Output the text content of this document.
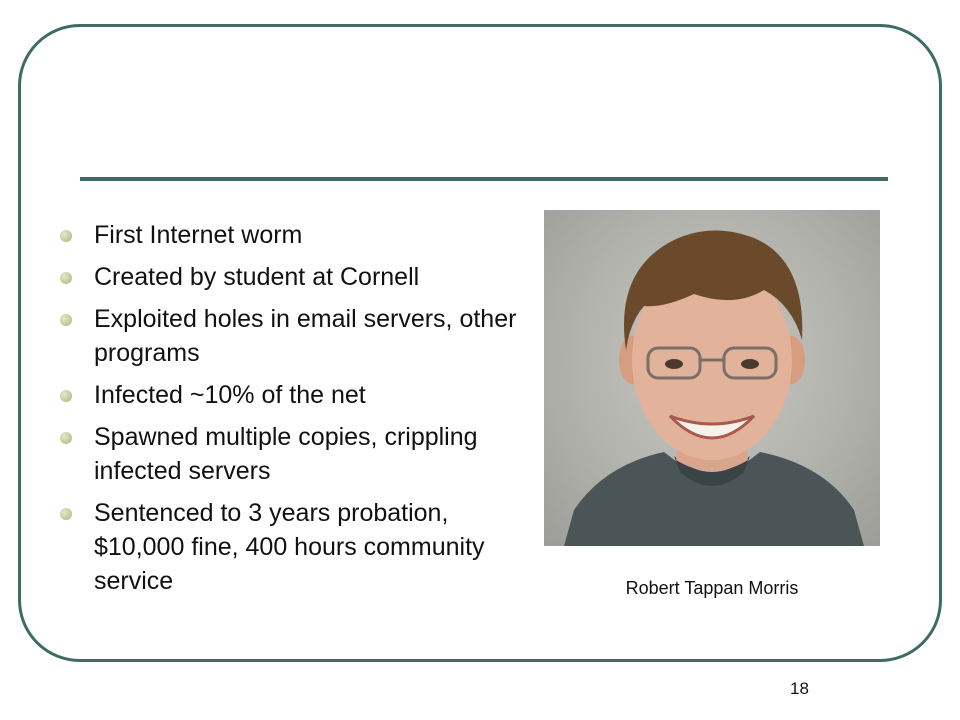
First Internet worm
Created by student at Cornell
Exploited holes in email servers, other programs
Infected ~10% of the net
Spawned multiple copies, crippling infected servers
Sentenced to 3 years probation, $10,000 fine, 400 hours community service	Robert Tappan Morris
18
